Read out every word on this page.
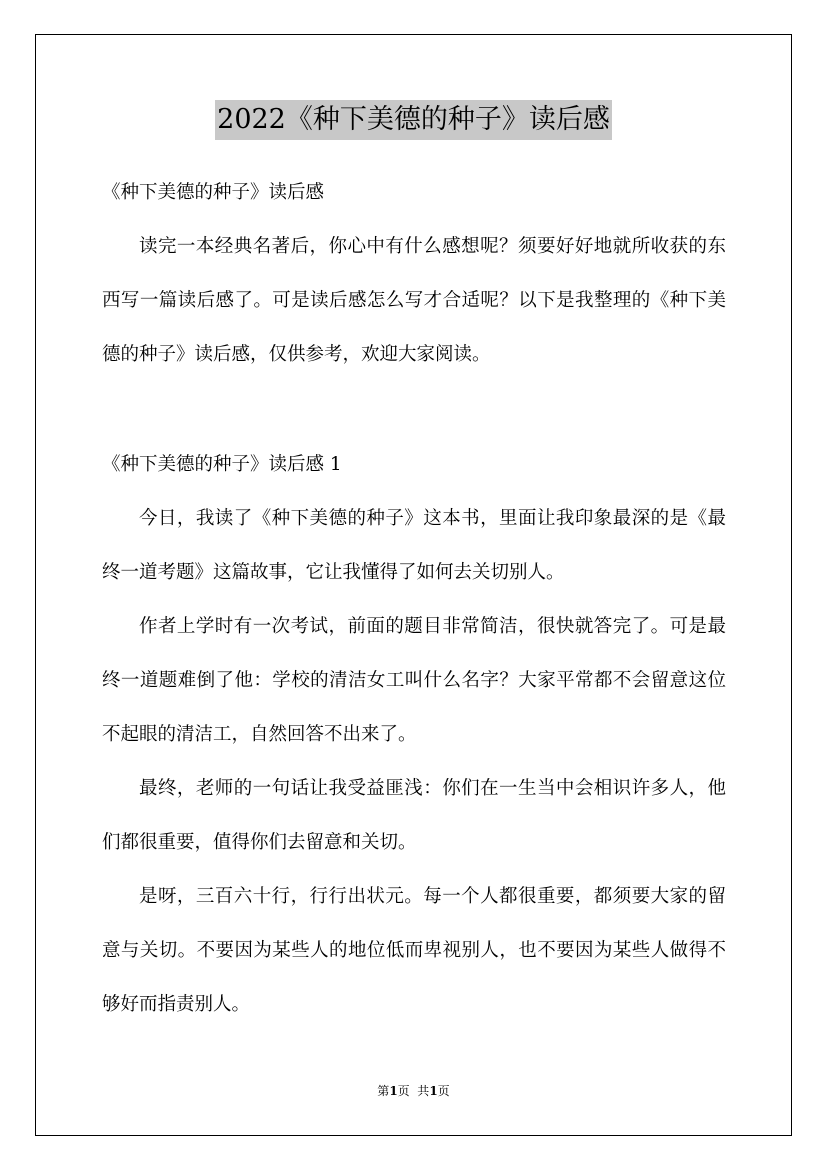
2022《种下美德的种子》读后感
《种下美德的种子》读后感

读完一本经典名著后，你心中有什么感想呢？须要好好地就所收获的东西写一篇读后感了。可是读后感怎么写才合适呢？以下是我整理的《种下美德的种子》读后感，仅供参考，欢迎大家阅读。

《种下美德的种子》读后感 1

今日，我读了《种下美德的种子》这本书，里面让我印象最深的是《最终一道考题》这篇故事，它让我懂得了如何去关切别人。

作者上学时有一次考试，前面的题目非常简洁，很快就答完了。可是最终一道题难倒了他：学校的清洁女工叫什么名字？大家平常都不会留意这位不起眼的清洁工，自然回答不出来了。

最终，老师的一句话让我受益匪浅：你们在一生当中会相识许多人，他们都很重要，值得你们去留意和关切。

是呀，三百六十行，行行出状元。每一个人都很重要，都须要大家的留意与关切。不要因为某些人的地位低而卑视别人，也不要因为某些人做得不够好而指责别人。

第1页  共1页
